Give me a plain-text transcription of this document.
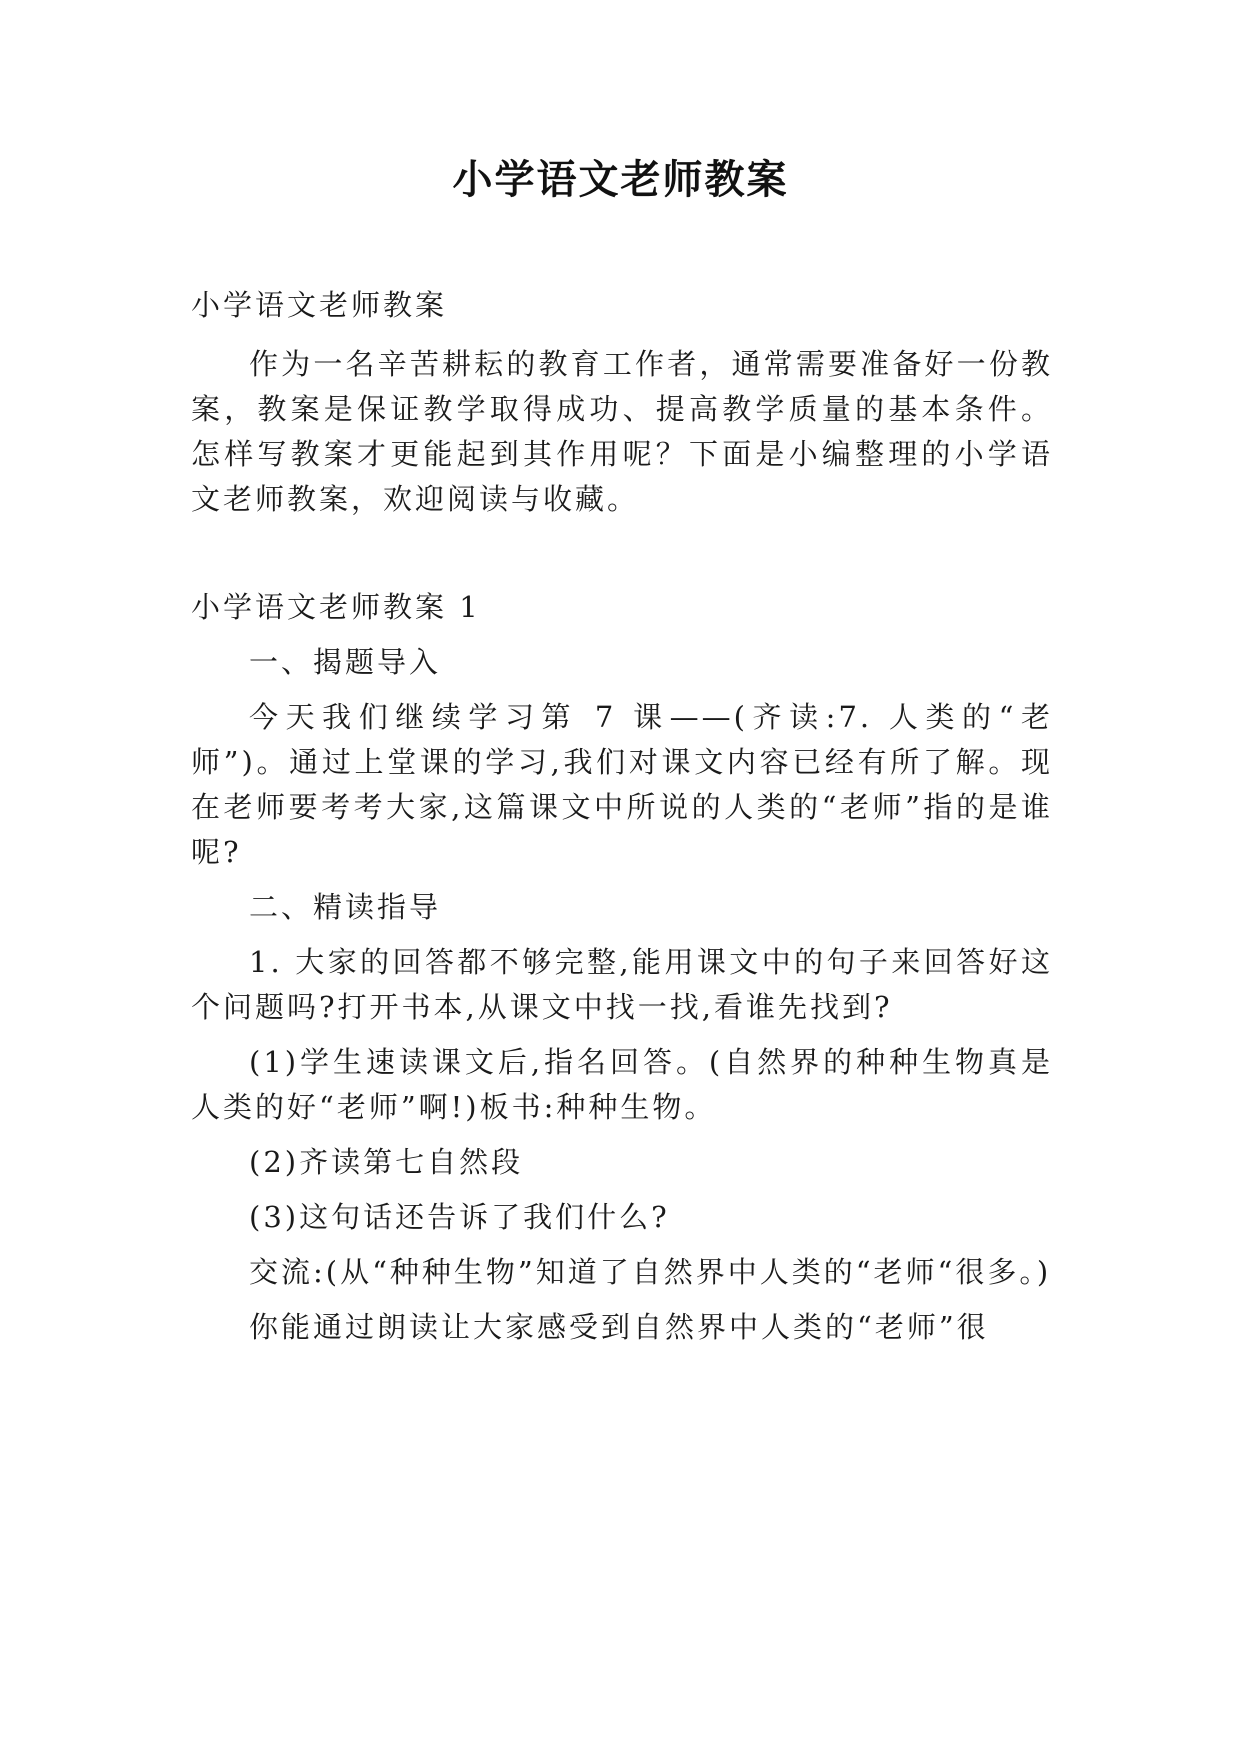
小学语文老师教案

小学语文老师教案

作为一名辛苦耕耘的教育工作者，通常需要准备好一份教案，教案是保证教学取得成功、提高教学质量的基本条件。怎样写教案才更能起到其作用呢？下面是小编整理的小学语文老师教案，欢迎阅读与收藏。

小学语文老师教案 1

一、揭题导入

今天我们继续学习第 7 课——(齐读:7. 人类的“老师”)。通过上堂课的学习,我们对课文内容已经有所了解。现在老师要考考大家,这篇课文中所说的人类的“老师”指的是谁呢?

二、精读指导

1. 大家的回答都不够完整,能用课文中的句子来回答好这个问题吗?打开书本,从课文中找一找,看谁先找到?

(1)学生速读课文后,指名回答。(自然界的种种生物真是人类的好“老师”啊!)板书:种种生物。

(2)齐读第七自然段

(3)这句话还告诉了我们什么?

交流:(从“种种生物”知道了自然界中人类的“老师“很多。)

你能通过朗读让大家感受到自然界中人类的“老师”很
